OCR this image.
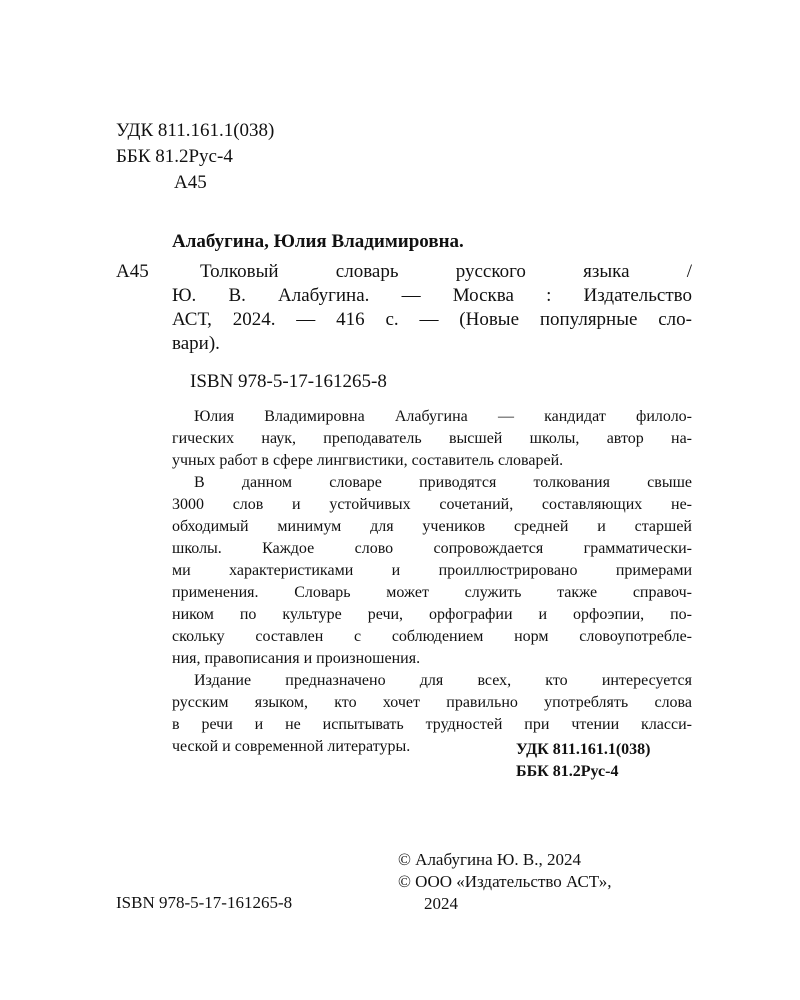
УДК 811.161.1(038)
ББК 81.2Рус-4
А45
Алабугина, Юлия Владимировна.
А45	Толковый словарь русского языка /
Ю. В. Алабугина. — Москва : Издательство
АСТ, 2024. — 416 с. — (Новые популярные сло-
вари).
ISBN 978-5-17-161265-8
Юлия Владимировна Алабугина — кандидат филоло-
гических наук, преподаватель высшей школы, автор на-
учных работ в сфере лингвистики, составитель словарей.
В данном словаре приводятся толкования свыше
3000 слов и устойчивых сочетаний, составляющих не-
обходимый минимум для учеников средней и старшей
школы. Каждое слово сопровождается грамматически-
ми характеристиками и проиллюстрировано примерами
применения. Словарь может служить также справоч-
ником по культуре речи, орфографии и орфоэпии, по-
скольку составлен с соблюдением норм словоупотребле-
ния, правописания и произношения.
Издание предназначено для всех, кто интересуется
русским языком, кто хочет правильно употреблять слова
в речи и не испытывать трудностей при чтении класси-
ческой и современной литературы.	УДК 811.161.1(038)
ББК 81.2Рус-4
© Алабугина Ю. В., 2024
© ООО «Издательство АСТ»,
2024
ISBN 978-5-17-161265-8
